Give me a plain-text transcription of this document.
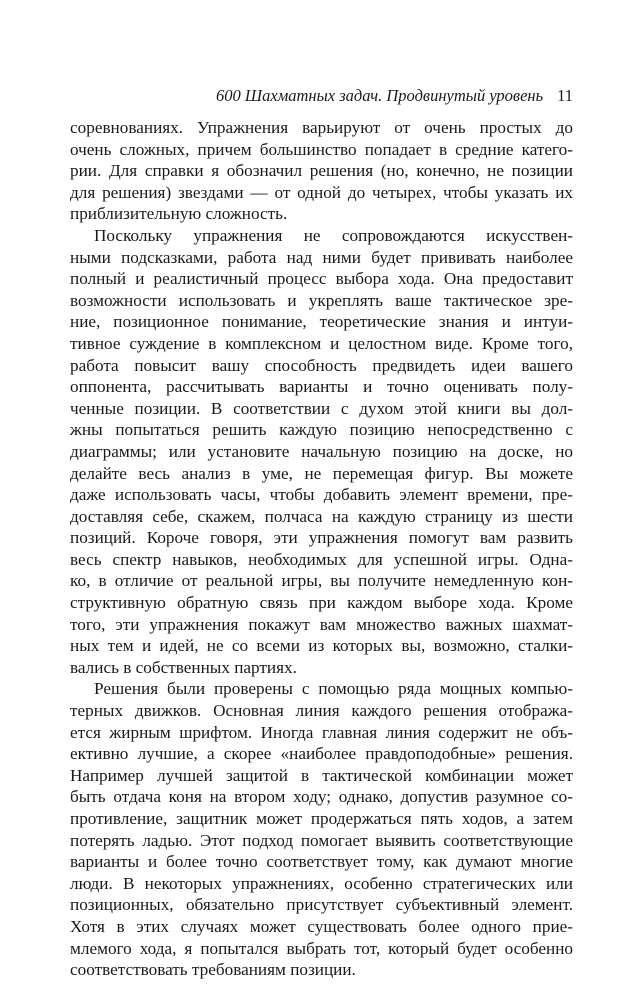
600 Шахматных задач. Продвинутый уровень 11
соревнованиях. Упражнения варьируют от очень простых до
очень сложных, причем большинство попадает в средние катего-
рии. Для справки я обозначил решения (но, конечно, не позиции
для решения) звездами — от одной до четырех, чтобы указать их
приблизительную сложность.
Поскольку упражнения не сопровождаются искусствен-
ными подсказками, работа над ними будет прививать наиболее
полный и реалистичный процесс выбора хода. Она предоставит
возможности использовать и укреплять ваше тактическое зре-
ние, позиционное понимание, теоретические знания и интуи-
тивное суждение в комплексном и целостном виде. Кроме того,
работа повысит вашу способность предвидеть идеи вашего
оппонента, рассчитывать варианты и точно оценивать полу-
ченные позиции. В соответствии с духом этой книги вы дол-
жны попытаться решить каждую позицию непосредственно с
диаграммы; или установите начальную позицию на доске, но
делайте весь анализ в уме, не перемещая фигур. Вы можете
даже использовать часы, чтобы добавить элемент времени, пре-
доставляя себе, скажем, полчаса на каждую страницу из шести
позиций. Короче говоря, эти упражнения помогут вам развить
весь спектр навыков, необходимых для успешной игры. Одна-
ко, в отличие от реальной игры, вы получите немедленную кон-
структивную обратную связь при каждом выборе хода. Кроме
того, эти упражнения покажут вам множество важных шахмат-
ных тем и идей, не со всеми из которых вы, возможно, сталки-
вались в собственных партиях.
Решения были проверены с помощью ряда мощных компью-
терных движков. Основная линия каждого решения отобража-
ется жирным шрифтом. Иногда главная линия содержит не объ-
ективно лучшие, а скорее «наиболее правдоподобные» решения.
Например лучшей защитой в тактической комбинации может
быть отдача коня на втором ходу; однако, допустив разумное со-
противление, защитник может продержаться пять ходов, а затем
потерять ладью. Этот подход помогает выявить соответствующие
варианты и более точно соответствует тому, как думают многие
люди. В некоторых упражнениях, особенно стратегических или
позиционных, обязательно присутствует субъективный элемент.
Хотя в этих случаях может существовать более одного прие-
млемого хода, я попытался выбрать тот, который будет особенно
соответствовать требованиям позиции.
